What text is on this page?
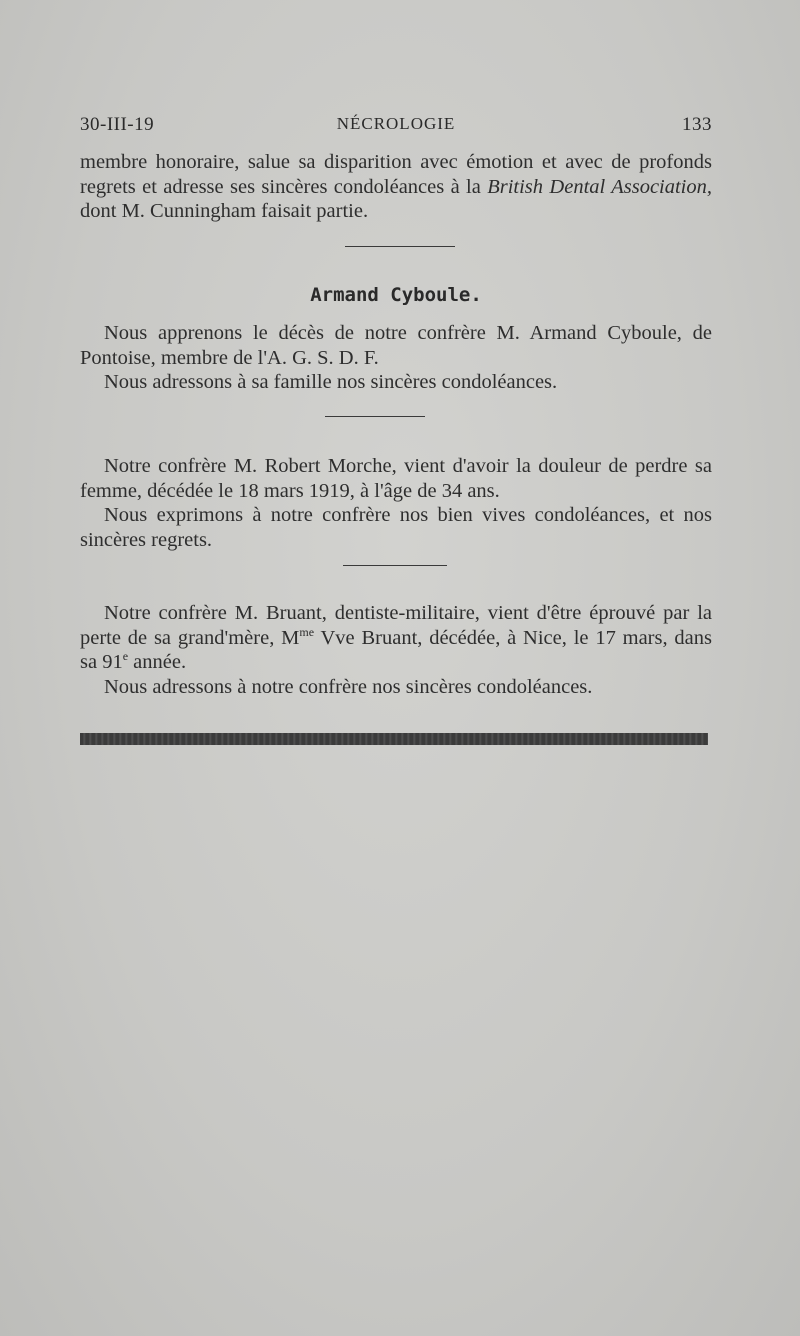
30-III-19	NÉCROLOGIE	133

membre honoraire, salue sa disparition avec émotion et avec de profonds regrets et adresse ses sincères condoléances à la British Dental Association, dont M. Cunningham faisait partie.

Armand Cyboule.

Nous apprenons le décès de notre confrère M. Armand Cyboule, de Pontoise, membre de l'A. G. S. D. F.

Nous adressons à sa famille nos sincères condoléances.

Notre confrère M. Robert Morche, vient d'avoir la douleur de perdre sa femme, décédée le 18 mars 1919, à l'âge de 34 ans.

Nous exprimons à notre confrère nos bien vives condoléances, et nos sincères regrets.

Notre confrère M. Bruant, dentiste-militaire, vient d'être éprouvé par la perte de sa grand'mère, $M^{me}$ Vve Bruant, décédée, à Nice, le 17 mars, dans sa 91e année.

Nous adressons à notre confrère nos sincères condoléances.
